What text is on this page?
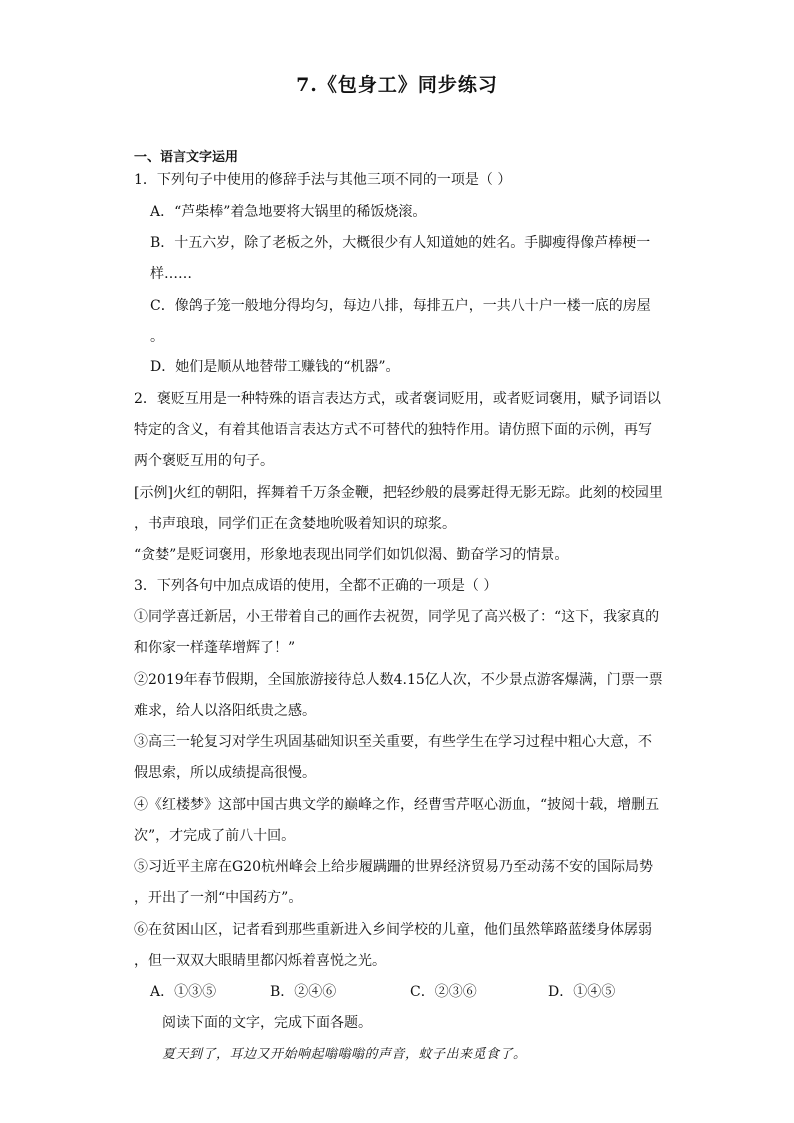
7.《包身工》同步练习
一、语言文字运用
1．下列句子中使用的修辞手法与其他三项不同的一项是（ ）
A．“芦柴棒”着急地要将大锅里的稀饭烧滚。
B．十五六岁，除了老板之外，大概很少有人知道她的姓名。手脚瘦得像芦棒梗一
样……
C．像鸽子笼一般地分得均匀，每边八排，每排五户，一共八十户一楼一底的房屋
。
D．她们是顺从地替带工赚钱的“机器”。
2．褒贬互用是一种特殊的语言表达方式，或者褒词贬用，或者贬词褒用，赋予词语以
特定的含义，有着其他语言表达方式不可替代的独特作用。请仿照下面的示例，再写
两个褒贬互用的句子。
[示例]火红的朝阳，挥舞着千万条金鞭，把轻纱般的晨雾赶得无影无踪。此刻的校园里
，书声琅琅，同学们正在贪婪地吮吸着知识的琼浆。
“贪婪”是贬词褒用，形象地表现出同学们如饥似渴、勤奋学习的情景。
3．下列各句中加点成语的使用，全都不正确的一项是（ ）
①同学喜迁新居，小王带着自己的画作去祝贺，同学见了高兴极了：“这下，我家真的
和你家一样蓬荜增辉了！”
②2019年春节假期，全国旅游接待总人数4.15亿人次，不少景点游客爆满，门票一票
难求，给人以洛阳纸贵之感。
③高三一轮复习对学生巩固基础知识至关重要，有些学生在学习过程中粗心大意，不
假思索，所以成绩提高很慢。
④《红楼梦》这部中国古典文学的巅峰之作，经曹雪芹呕心沥血，“披阅十载，增删五
次”，才完成了前八十回。
⑤习近平主席在G20杭州峰会上给步履蹒跚的世界经济贸易乃至动荡不安的国际局势
，开出了一剂“中国药方”。
⑥在贫困山区，记者看到那些重新进入乡间学校的儿童，他们虽然筚路蓝缕身体孱弱
，但一双双大眼睛里都闪烁着喜悦之光。
A．①③⑤	B．②④⑥	C．②③⑥	D．①④⑤
阅读下面的文字，完成下面各题。
夏天到了，耳边又开始响起嗡嗡嗡的声音，蚊子出来觅食了。
